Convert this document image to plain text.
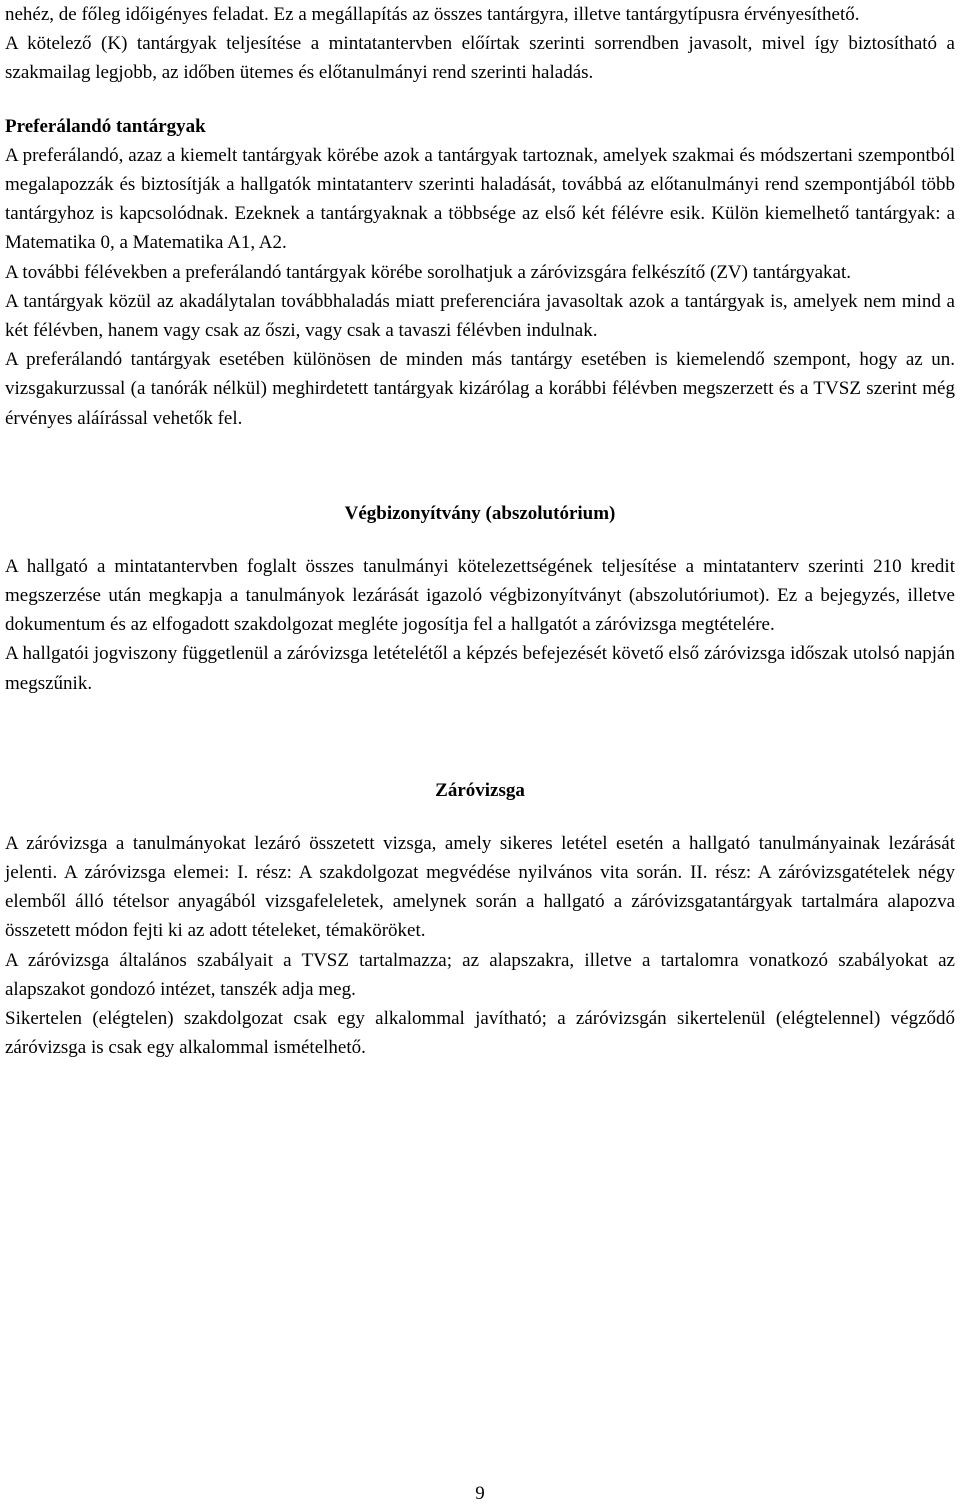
nehéz, de főleg időigényes feladat. Ez a megállapítás az összes tantárgyra, illetve tantárgytípusra érvényesíthető.

A kötelező (K) tantárgyak teljesítése a mintatantervben előírtak szerinti sorrendben javasolt, mivel így biztosítható a szakmailag legjobb, az időben ütemes és előtanulmányi rend szerinti haladás.

Preferálandó tantárgyak

A preferálandó, azaz a kiemelt tantárgyak körébe azok a tantárgyak tartoznak, amelyek szakmai és módszertani szempontból megalapozzák és biztosítják a hallgatók mintatanterv szerinti haladását, továbbá az előtanulmányi rend szempontjából több tantárgyhoz is kapcsolódnak. Ezeknek a tantárgyaknak a többsége az első két félévre esik. Külön kiemelhető tantárgyak: a Matematika 0, a Matematika A1, A2.

A további félévekben a preferálandó tantárgyak körébe sorolhatjuk a záróvizsgára felkészítő (ZV) tantárgyakat.

A tantárgyak közül az akadálytalan továbbhaladás miatt preferenciára javasoltak azok a tantárgyak is, amelyek nem mind a két félévben, hanem vagy csak az őszi, vagy csak a tavaszi félévben indulnak.

A preferálandó tantárgyak esetében különösen de minden más tantárgy esetében is kiemelendő szempont, hogy az un. vizsgakurzussal (a tanórák nélkül) meghirdetett tantárgyak kizárólag a korábbi félévben megszerzett és a TVSZ szerint még érvényes aláírással vehetők fel.

Végbizonyítvány (abszolutórium)

A hallgató a mintatantervben foglalt összes tanulmányi kötelezettségének teljesítése a mintatanterv szerinti 210 kredit megszerzése után megkapja a tanulmányok lezárását igazoló végbizonyítványt (abszolutóriumot). Ez a bejegyzés, illetve dokumentum és az elfogadott szakdolgozat megléte jogosítja fel a hallgatót a záróvizsga megtételére.

A hallgatói jogviszony függetlenül a záróvizsga letételétől a képzés befejezését követő első záróvizsga időszak utolsó napján megszűnik.

Záróvizsga

A záróvizsga a tanulmányokat lezáró összetett vizsga, amely sikeres letétel esetén a hallgató tanulmányainak lezárását jelenti. A záróvizsga elemei: I. rész: A szakdolgozat megvédése nyilvános vita során. II. rész: A záróvizsgatételek négy elemből álló tételsor anyagából vizsgafeleletek, amelynek során a hallgató a záróvizsgatantárgyak tartalmára alapozva összetett módon fejti ki az adott tételeket, témaköröket.

A záróvizsga általános szabályait a TVSZ tartalmazza; az alapszakra, illetve a tartalomra vonatkozó szabályokat az alapszakot gondozó intézet, tanszék adja meg.

Sikertelen (elégtelen) szakdolgozat csak egy alkalommal javítható; a záróvizsgán sikertelenül (elégtelennel) végződő záróvizsga is csak egy alkalommal ismételhető.

9
